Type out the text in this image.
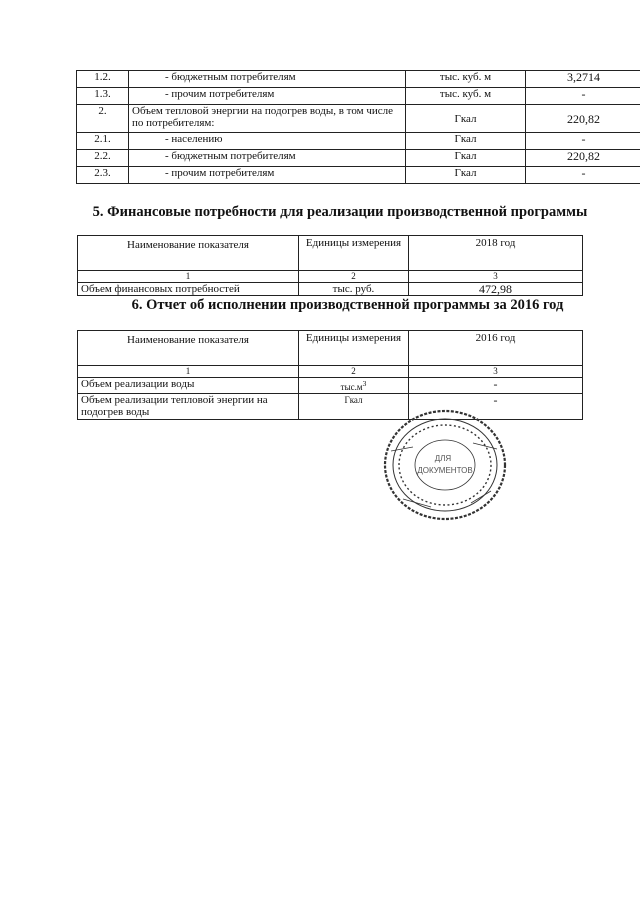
1.2.	- бюджетным потребителям	тыс. куб. м	3,2714
1.3.	- прочим потребителям	тыс. куб. м	-
2.	Объем тепловой энергии на подогрев воды, в том числе по потребителям:	Гкал	220,82
2.1.	- населению	Гкал	-
2.2.	- бюджетным потребителям	Гкал	220,82
2.3.	- прочим потребителям	Гкал	-
5. Финансовые потребности для реализации производственной программы
Наименование показателя	Единицы измерения	2018 год
1	2	3
Объем финансовых потребностей	тыс. руб.	472,98
6. Отчет об исполнении производственной программы за 2016 год
Наименование показателя	Единицы измерения	2016 год
1	2	3
Объем реализации воды	$тыс.м^3$	-
Объем реализации тепловой энергии на подогрев воды	Гкал	-
ДЛЯ
ДОКУМЕНТОВ
